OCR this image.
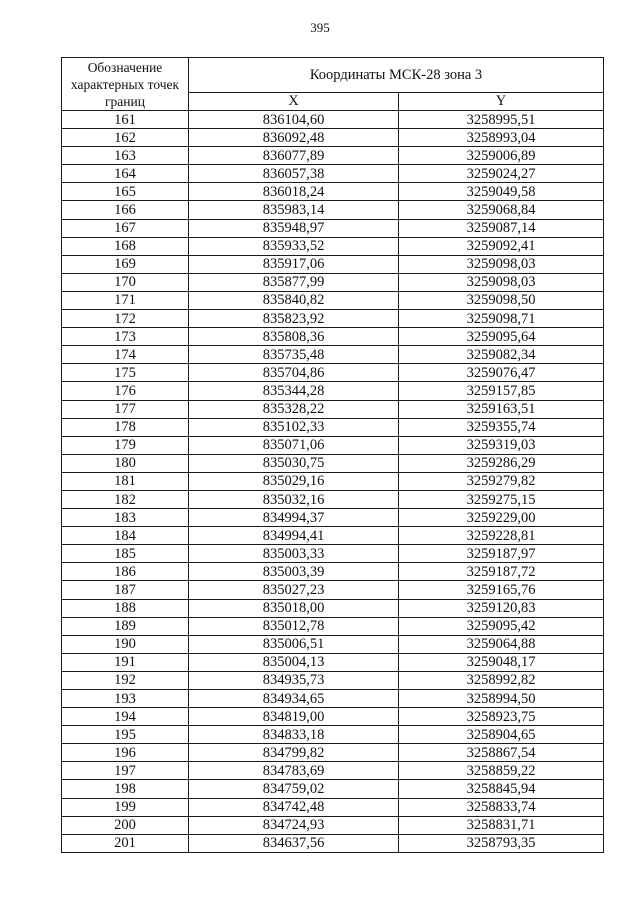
395
Обозначение характерных точек границ	Координаты МСК-28 зона 3	
	X	Y
161	836104,60	3258995,51
162	836092,48	3258993,04
163	836077,89	3259006,89
164	836057,38	3259024,27
165	836018,24	3259049,58
166	835983,14	3259068,84
167	835948,97	3259087,14
168	835933,52	3259092,41
169	835917,06	3259098,03
170	835877,99	3259098,03
171	835840,82	3259098,50
172	835823,92	3259098,71
173	835808,36	3259095,64
174	835735,48	3259082,34
175	835704,86	3259076,47
176	835344,28	3259157,85
177	835328,22	3259163,51
178	835102,33	3259355,74
179	835071,06	3259319,03
180	835030,75	3259286,29
181	835029,16	3259279,82
182	835032,16	3259275,15
183	834994,37	3259229,00
184	834994,41	3259228,81
185	835003,33	3259187,97
186	835003,39	3259187,72
187	835027,23	3259165,76
188	835018,00	3259120,83
189	835012,78	3259095,42
190	835006,51	3259064,88
191	835004,13	3259048,17
192	834935,73	3258992,82
193	834934,65	3258994,50
194	834819,00	3258923,75
195	834833,18	3258904,65
196	834799,82	3258867,54
197	834783,69	3258859,22
198	834759,02	3258845,94
199	834742,48	3258833,74
200	834724,93	3258831,71
201	834637,56	3258793,35
